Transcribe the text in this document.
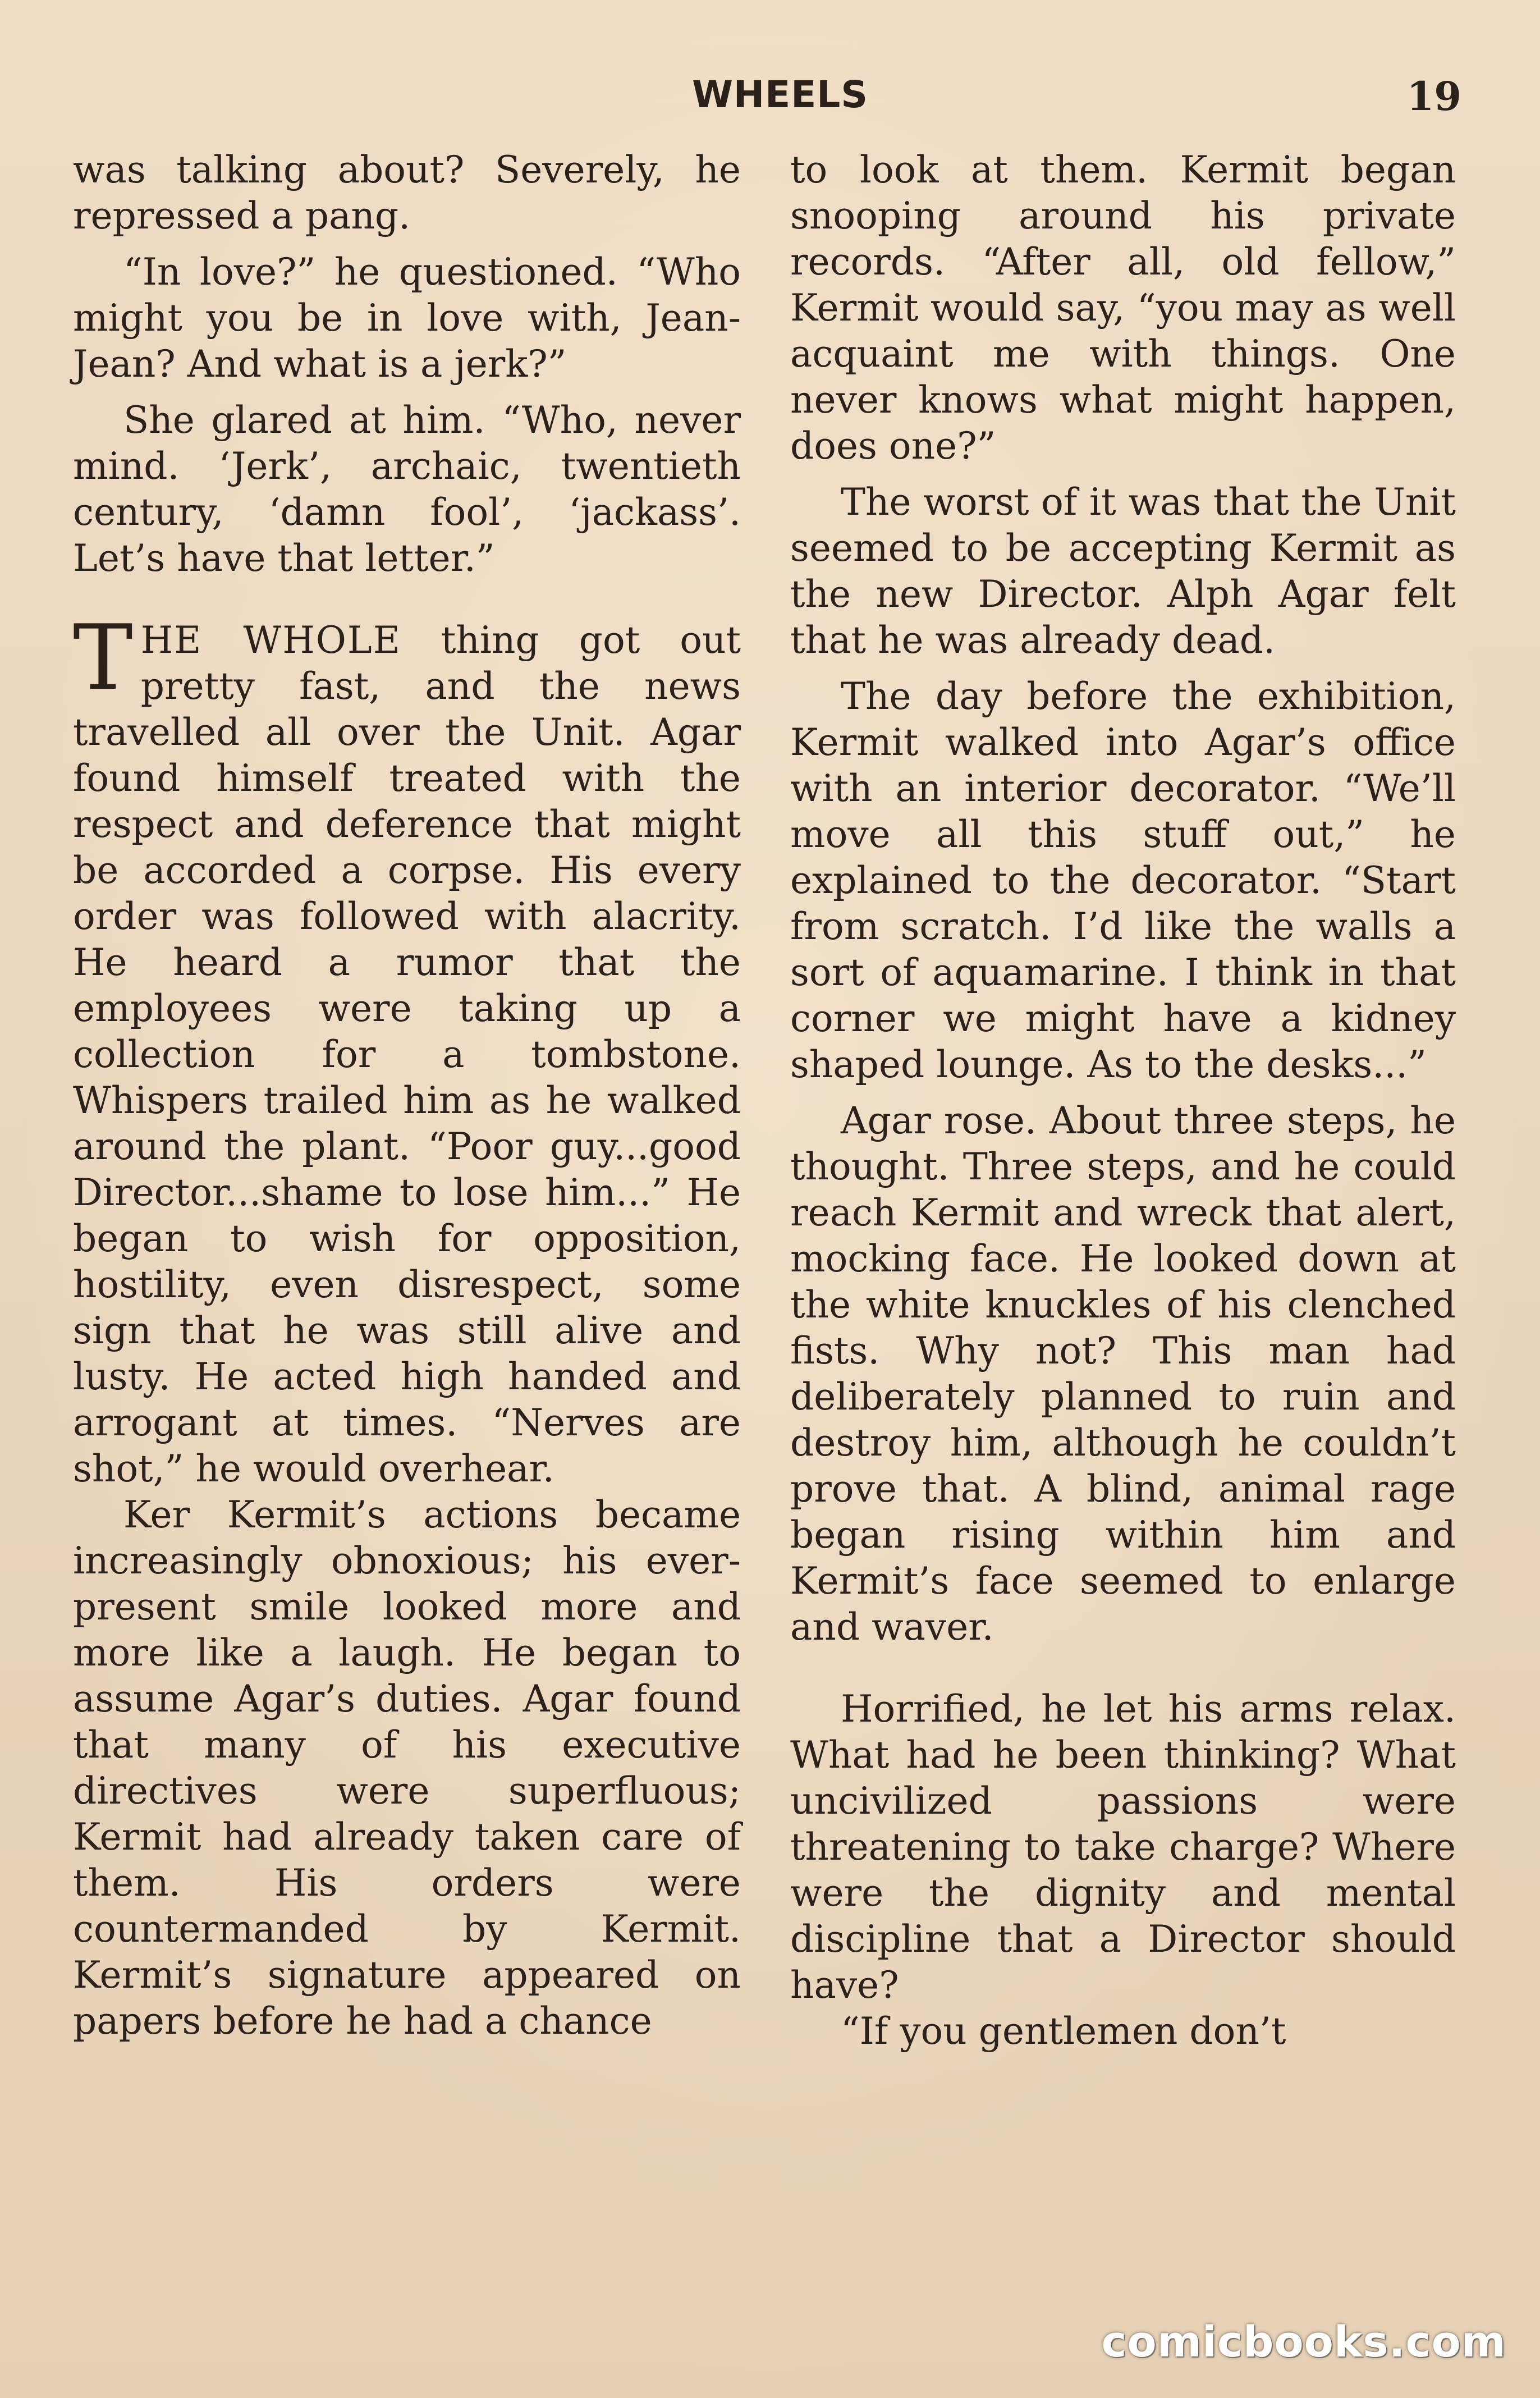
WHEELS	19

was talking about? Severely, he repressed a pang.

“In love?” he questioned. “Who might you be in love with, Jean-Jean? And what is a jerk?”

She glared at him. “Who, never mind. ‘Jerk’, archaic, twentieth century, ‘damn fool’, ‘jackass’. Let’s have that letter.”

THE WHOLE thing got out pretty fast, and the news travelled all over the Unit. Agar found himself treated with the respect and deference that might be accorded a corpse. His every order was followed with alacrity. He heard a rumor that the employees were taking up a collection for a tombstone. Whispers trailed him as he walked around the plant. “Poor guy...good Director...shame to lose him...” He began to wish for opposition, hostility, even disrespect, some sign that he was still alive and lusty. He acted high handed and arrogant at times. “Nerves are shot,” he would overhear.

Ker Kermit’s actions became increasingly obnoxious; his ever-present smile looked more and more like a laugh. He began to assume Agar’s duties. Agar found that many of his executive directives were superfluous; Kermit had already taken care of them. His orders were countermanded by Kermit. Kermit’s signature appeared on papers before he had a chance

to look at them. Kermit began snooping around his private records. “After all, old fellow,” Kermit would say, “you may as well acquaint me with things. One never knows what might happen, does one?”

The worst of it was that the Unit seemed to be accepting Kermit as the new Director. Alph Agar felt that he was already dead.

The day before the exhibition, Kermit walked into Agar’s office with an interior decorator. “We’ll move all this stuff out,” he explained to the decorator. “Start from scratch. I’d like the walls a sort of aquamarine. I think in that corner we might have a kidney shaped lounge. As to the desks...”

Agar rose. About three steps, he thought. Three steps, and he could reach Kermit and wreck that alert, mocking face. He looked down at the white knuckles of his clenched fists. Why not? This man had deliberately planned to ruin and destroy him, although he couldn’t prove that. A blind, animal rage began rising within him and Kermit’s face seemed to enlarge and waver.

Horrified, he let his arms relax. What had he been thinking? What uncivilized passions were threatening to take charge? Where were the dignity and mental discipline that a Director should have?

“If you gentlemen don’t

comicbooks.com
